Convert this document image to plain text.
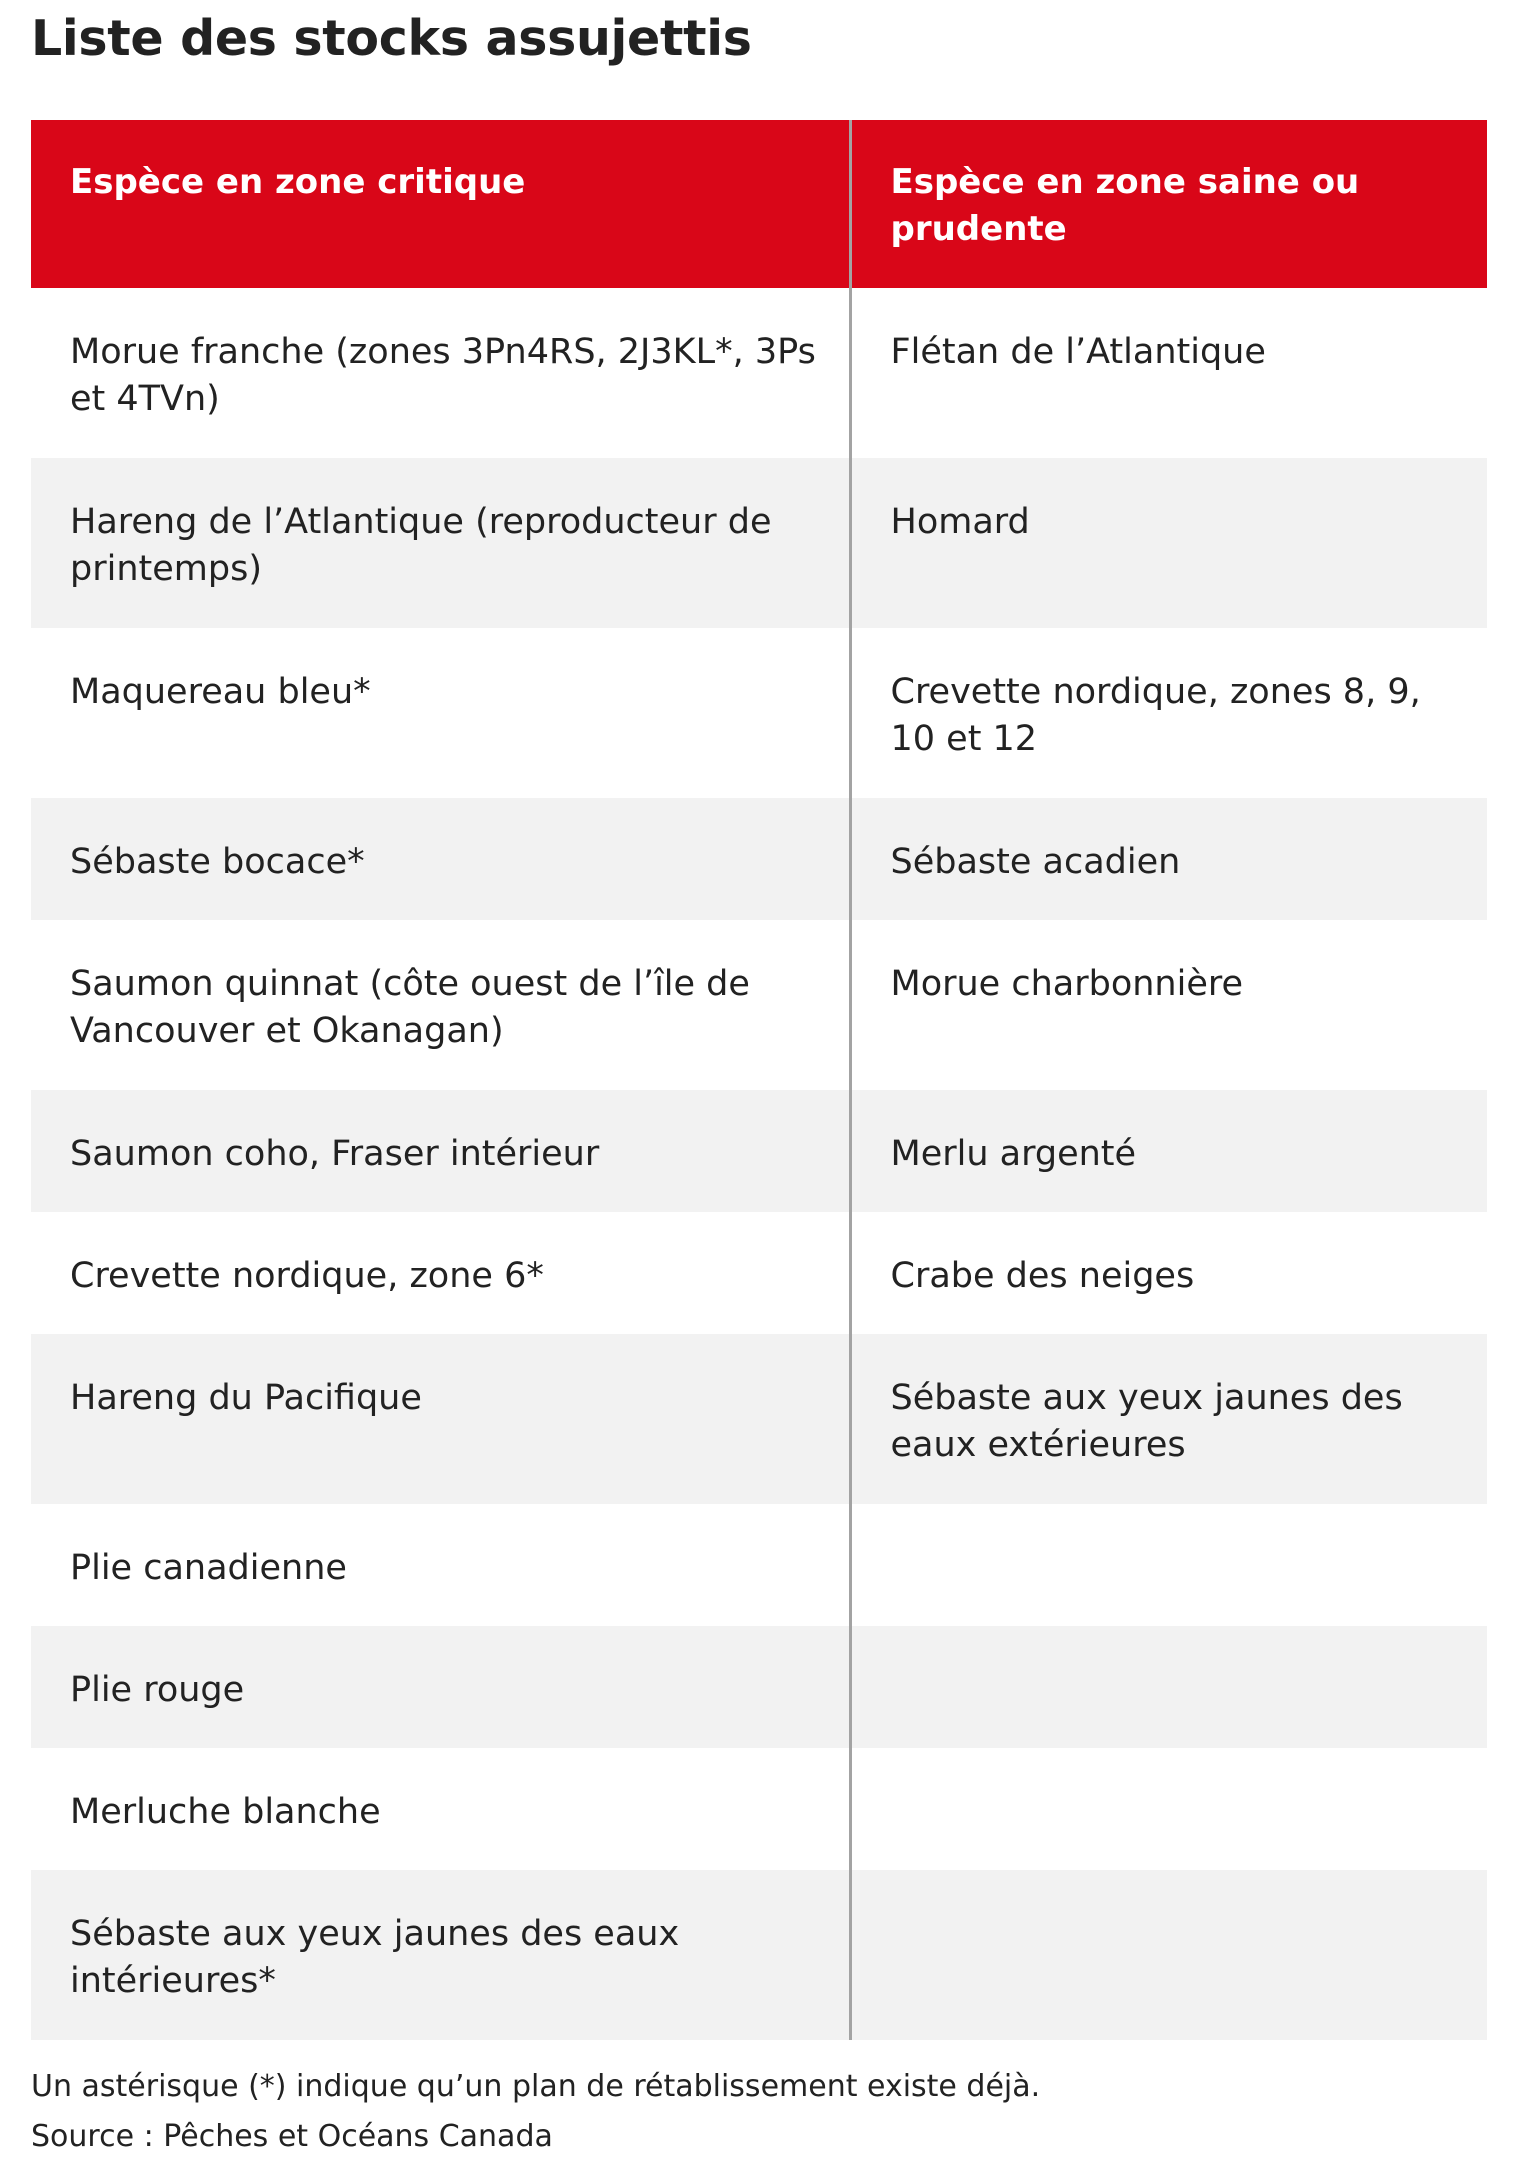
Liste des stocks assujettis
Espèce en zone critique	Espèce en zone saine ou prudente
Morue franche (zones 3Pn4RS, 2J3KL*, 3Ps et 4TVn)	Flétan de l’Atlantique
Hareng de l’Atlantique (reproducteur de printemps)	Homard
Maquereau bleu*	Crevette nordique, zones 8, 9, 10 et 12
Sébaste bocace*	Sébaste acadien
Saumon quinnat (côte ouest de l’île de Vancouver et Okanagan)	Morue charbonnière
Saumon coho, Fraser intérieur	Merlu argenté
Crevette nordique, zone 6*	Crabe des neiges
Hareng du Pacifique	Sébaste aux yeux jaunes des eaux extérieures
Plie canadienne	
Plie rouge	
Merluche blanche	
Sébaste aux yeux jaunes des eaux intérieures*	

Un astérisque (*) indique qu’un plan de rétablissement existe déjà.

Source : Pêches et Océans Canada
